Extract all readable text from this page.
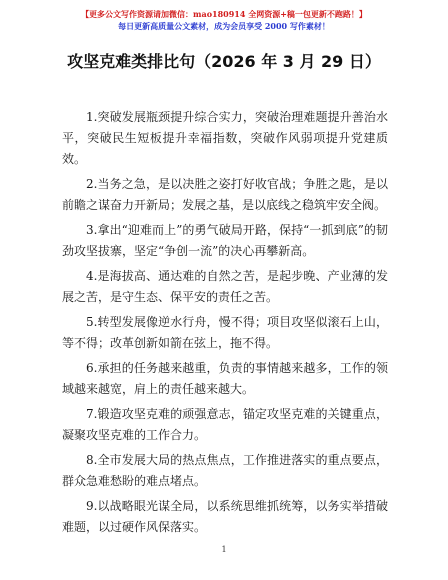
【更多公文写作资源请加微信：mao180914 全网资源+稿一包更新不跑路！】
每日更新高质量公文素材，成为会员享受 2000 写作素材！
攻坚克难类排比句（2026 年 3 月 29 日）

1.突破发展瓶颈提升综合实力，突破治理难题提升善治水平，突破民生短板提升幸福指数，突破作风弱项提升党建质效。

2.当务之急，是以决胜之姿打好收官战；争胜之匙，是以前瞻之谋奋力开新局；发展之基，是以底线之稳筑牢安全阀。

3.拿出“迎难而上”的勇气破局开路，保持“一抓到底”的韧劲攻坚拔寨，坚定“争创一流”的决心再攀新高。

4.是海拔高、通达难的自然之苦，是起步晚、产业薄的发展之苦，是守生态、保平安的责任之苦。

5.转型发展像逆水行舟，慢不得；项目攻坚似滚石上山，等不得；改革创新如箭在弦上，拖不得。

6.承担的任务越来越重，负责的事情越来越多，工作的领域越来越宽，肩上的责任越来越大。

7.锻造攻坚克难的顽强意志，锚定攻坚克难的关键重点，凝聚攻坚克难的工作合力。

8.全市发展大局的热点焦点，工作推进落实的重点要点，群众急难愁盼的难点堵点。

9.以战略眼光谋全局，以系统思维抓统筹，以务实举措破难题，以过硬作风保落实。

1
